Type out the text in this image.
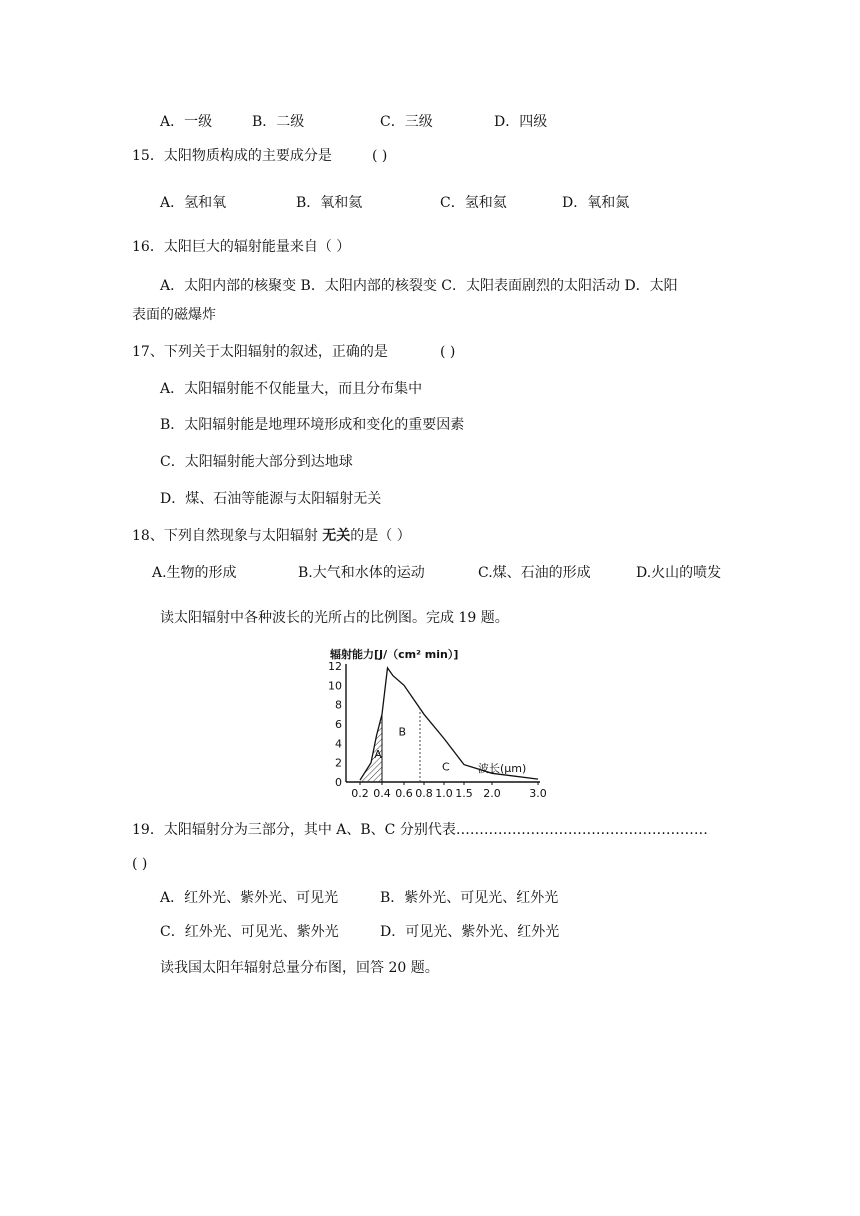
A．一级	B．二级	C．三级	D．四级
15．太阳物质构成的主要成分是	( )
A．氢和氧	B．氧和氦	C．氢和氦	D．氧和氮
16．太阳巨大的辐射能量来自（ ）
A．太阳内部的核聚变 B．太阳内部的核裂变 C．太阳表面剧烈的太阳活动 D．太阳
表面的磁爆炸
17、下列关于太阳辐射的叙述，正确的是	( )
A．太阳辐射能不仅能量大，而且分布集中
B．太阳辐射能是地理环境形成和变化的重要因素
C．太阳辐射能大部分到达地球
D．煤、石油等能源与太阳辐射无关
18、下列自然现象与太阳辐射 无关的是（ ）
A.生物的形成	B.大气和水体的运动	C.煤、石油的形成	D.火山的喷发
读太阳辐射中各种波长的光所占的比例图。完成 19 题。
辐射能力[J/（cm² min）]
12
10
8
6
4
2
0
0.2 0.4 0.6 0.8 1.0 1.5 2.0	3.0
A
B
C	波长(μm)
19．太阳辐射分为三部分，其中 A、B、C 分别代表………………………………………………
( )
A．红外光、紫外光、可见光	B．紫外光、可见光、红外光
C．红外光、可见光、紫外光	D．可见光、紫外光、红外光
读我国太阳年辐射总量分布图，回答 20 题。
